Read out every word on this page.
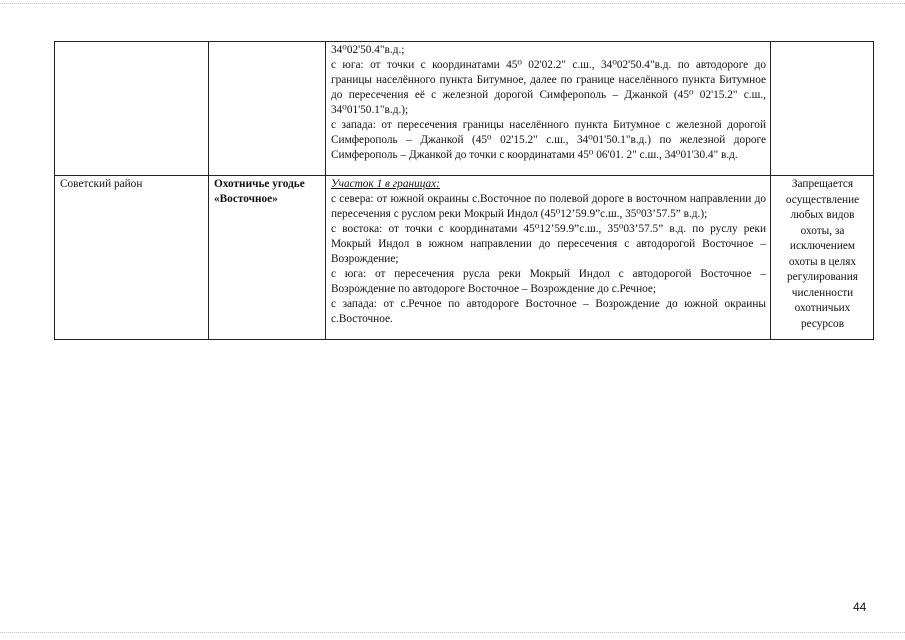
		34⁰02'50.4"в.д.;
с юга: от точки с координатами 45⁰ 02'02.2" с.ш., 34⁰02'50.4"в.д. по автодороге до границы населённого пункта Битумное, далее по границе населённого пункта Битумное до пересечения её с железной дорогой Симферополь – Джанкой (45⁰ 02'15.2" с.ш., 34⁰01'50.1"в.д.);
с запада: от пересечения границы населённого пункта Битумное с железной дорогой Симферополь – Джанкой (45⁰ 02'15.2" с.ш., 34⁰01'50.1"в.д.) по железной дороге Симферополь – Джанкой до точки с координатами 45⁰ 06'01. 2" с.ш., 34⁰01'30.4" в.д.	

Советский район	Охотничье угодье «Восточное»	Участок 1 в границах:
с севера: от южной окраины с.Восточное по полевой дороге в восточном направлении до пересечения с руслом реки Мокрый Индол (45⁰12’59.9”с.ш., 35⁰03’57.5” в.д.);
с востока: от точки с координатами 45⁰12’59.9”с.ш., 35⁰03’57.5” в.д. по руслу реки Мокрый Индол в южном направлении до пересечения с автодорогой Восточное – Возрождение;
с юга: от пересечения русла реки Мокрый Индол с автодорогой Восточное – Возрождение по автодороге Восточное – Возрождение до с.Речное;
с запада: от с.Речное по автодороге Восточное – Возрождение до южной окраины с.Восточное.	Запрещается осуществление любых видов охоты, за исключением охоты в целях регулирования численности охотничьих ресурсов
44
